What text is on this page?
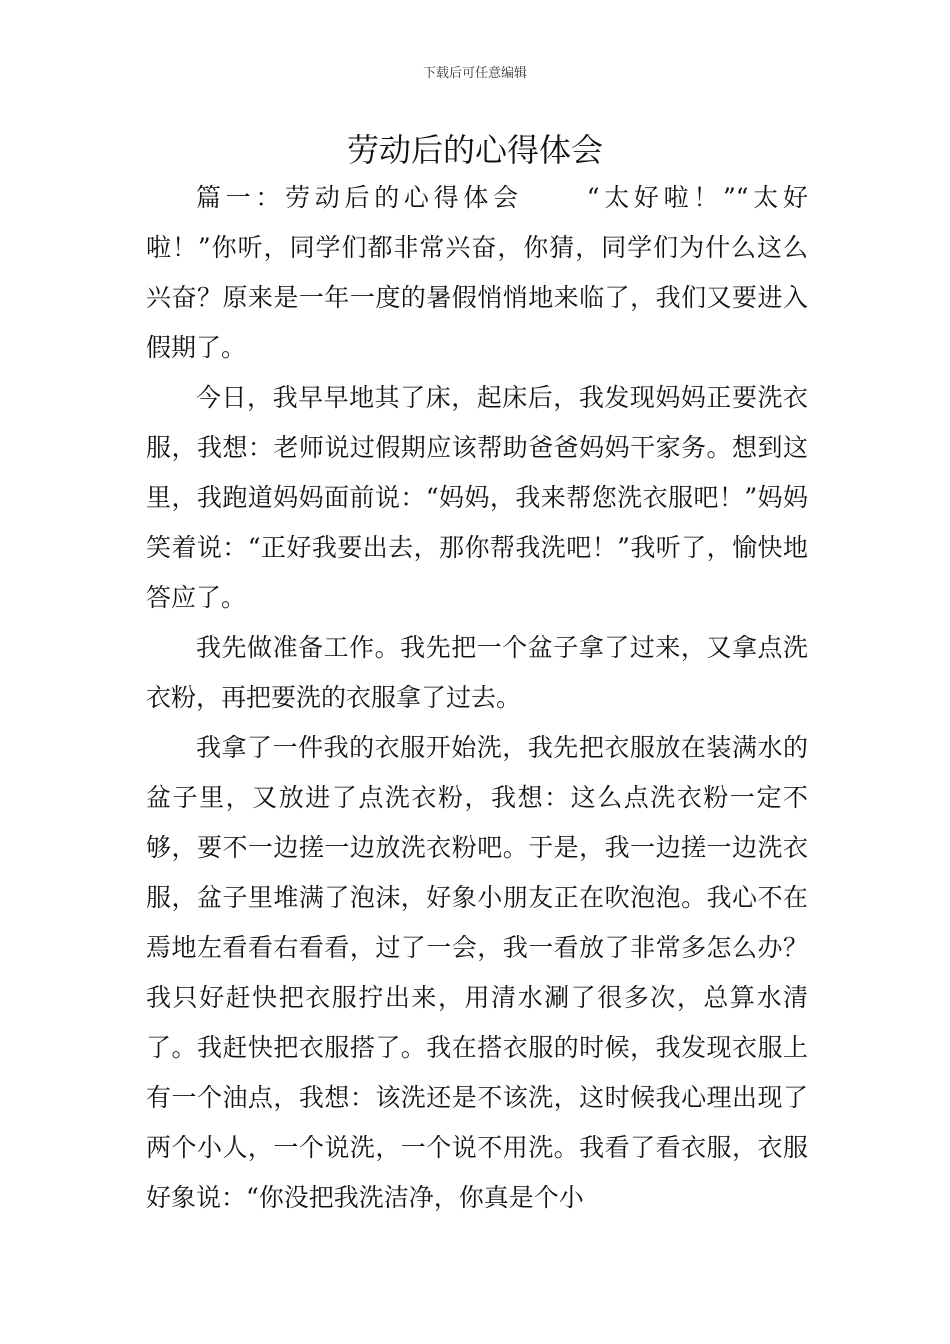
下载后可任意编辑
劳动后的心得体会

篇一：劳动后的心得体会	“太好啦！”“太好啦！”你听，同学们都非常兴奋，你猜，同学们为什么这么兴奋？原来是一年一度的暑假悄悄地来临了，我们又要进入假期了。

今日，我早早地其了床，起床后，我发现妈妈正要洗衣服，我想：老师说过假期应该帮助爸爸妈妈干家务。想到这里，我跑道妈妈面前说：“妈妈，我来帮您洗衣服吧！”妈妈笑着说：“正好我要出去，那你帮我洗吧！”我听了，愉快地答应了。

我先做准备工作。我先把一个盆子拿了过来，又拿点洗衣粉，再把要洗的衣服拿了过去。

我拿了一件我的衣服开始洗，我先把衣服放在装满水的盆子里，又放进了点洗衣粉，我想：这么点洗衣粉一定不够，要不一边搓一边放洗衣粉吧。于是，我一边搓一边洗衣服，盆子里堆满了泡沫，好象小朋友正在吹泡泡。我心不在焉地左看看右看看，过了一会，我一看放了非常多怎么办？我只好赶快把衣服拧出来，用清水涮了很多次，总算水清了。我赶快把衣服搭了。我在搭衣服的时候，我发现衣服上有一个油点，我想：该洗还是不该洗，这时候我心理出现了两个小人，一个说洗，一个说不用洗。我看了看衣服，衣服好象说：“你没把我洗洁净，你真是个小
